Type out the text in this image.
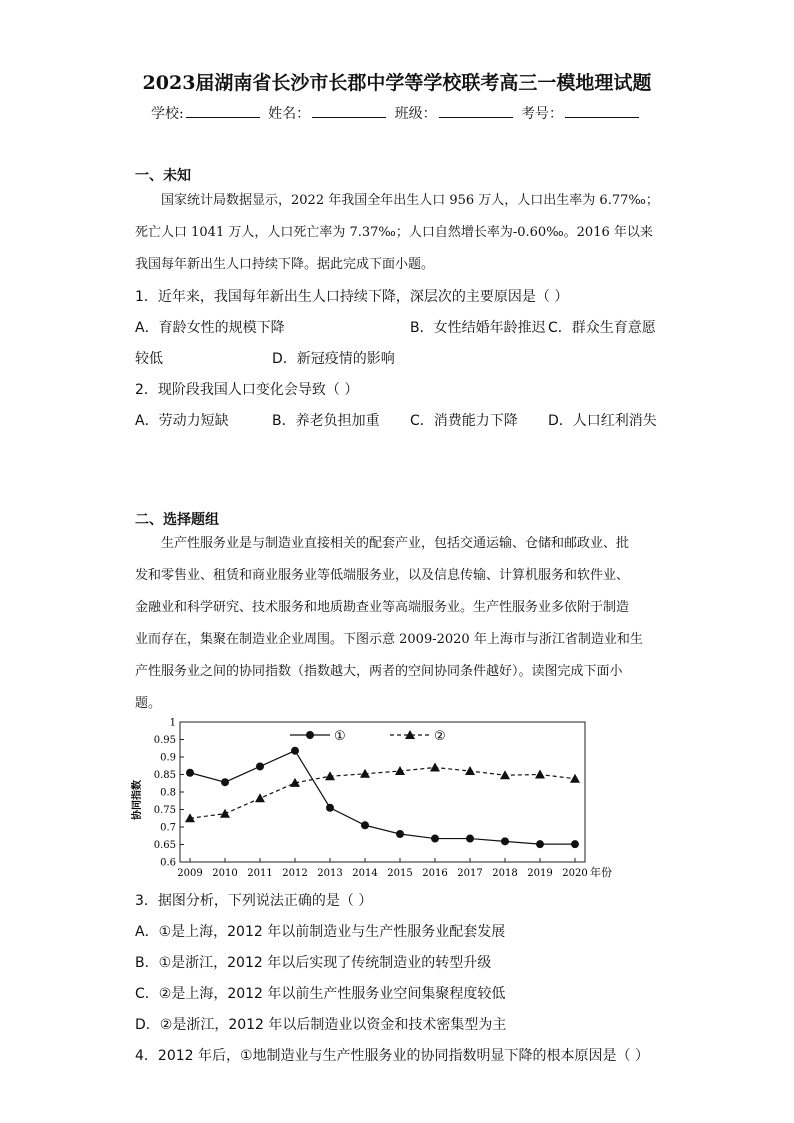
2023届湖南省长沙市长郡中学等学校联考高三一模地理试题
学校:	姓名：	班级：	考号：
一、未知

国家统计局数据显示，2022 年我国全年出生人口 956 万人，人口出生率为 6.77‰；

死亡人口 1041 万人，人口死亡率为 7.37‰；人口自然增长率为-0.60‰。2016 年以来

我国每年新出生人口持续下降。据此完成下面小题。

1．近年来，我国每年新出生人口持续下降，深层次的主要原因是（ ）
A．育龄女性的规模下降	B．女性结婚年龄推迟 C．群众生育意愿
较低	D．新冠疫情的影响
2．现阶段我国人口变化会导致（ ）
A．劳动力短缺	B．养老负担加重 C．消费能力下降 D．人口红利消失
二、选择题组

生产性服务业是与制造业直接相关的配套产业，包括交通运输、仓储和邮政业、批

发和零售业、租赁和商业服务业等低端服务业，以及信息传输、计算机服务和软件业、

金融业和科学研究、技术服务和地质勘查业等高端服务业。生产性服务业多依附于制造

业而存在，集聚在制造业企业周围。下图示意 2009-2020 年上海市与浙江省制造业和生

产性服务业之间的协同指数（指数越大，两者的空间协同条件越好）。读图完成下面小

题。

0.6
0.65
0.7
0.75
0.8
0.85
0.9
0.95
1
2009 2010 2011 2012 2013 2014 2015 2016 2017 2018 2019 2020
①	②
协同指数
年份
3．据图分析，下列说法正确的是（ ）
A．①是上海，2012 年以前制造业与生产性服务业配套发展
B．①是浙江，2012 年以后实现了传统制造业的转型升级
C．②是上海，2012 年以前生产性服务业空间集聚程度较低
D．②是浙江，2012 年以后制造业以资金和技术密集型为主
4．2012 年后，①地制造业与生产性服务业的协同指数明显下降的根本原因是（ ）
